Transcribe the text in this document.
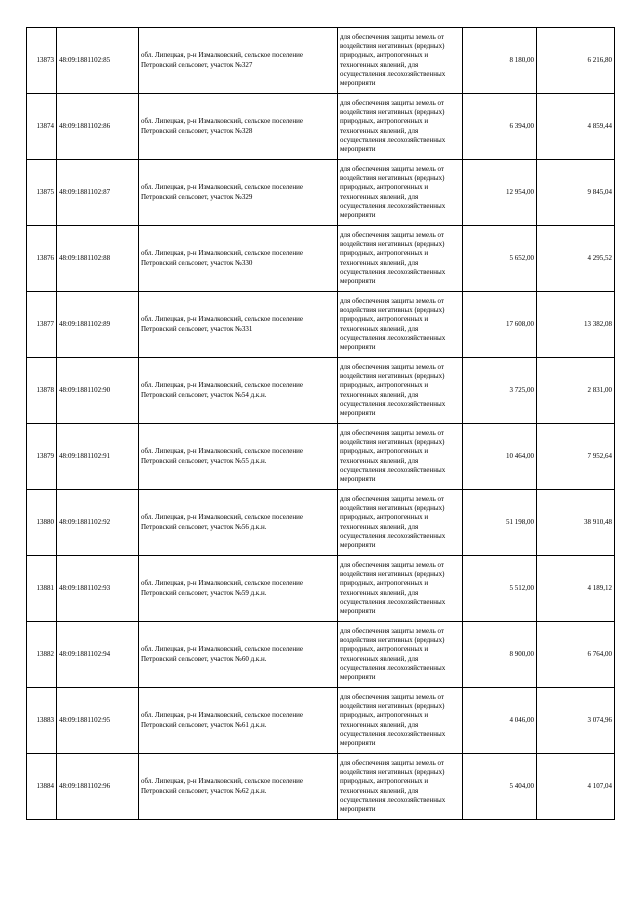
13873	48:09:1881102:85	обл. Липецкая, р-н Измалковский, сельское поселение Петровский сельсовет, участок №327	для обеспечения защиты земель от воздействия негативных (вредных) природных, антропогенных и техногенных явлений, для осуществления лесохозяйственных мероприяти	8 180,00	6 216,80
13874	48:09:1881102:86	обл. Липецкая, р-н Измалковский, сельское поселение Петровский сельсовет, участок №328	для обеспечения защиты земель от воздействия негативных (вредных) природных, антропогенных и техногенных явлений, для осуществления лесохозяйственных мероприяти	6 394,00	4 859,44
13875	48:09:1881102:87	обл. Липецкая, р-н Измалковский, сельское поселение Петровский сельсовет, участок №329	для обеспечения защиты земель от воздействия негативных (вредных) природных, антропогенных и техногенных явлений, для осуществления лесохозяйственных мероприяти	12 954,00	9 845,04
13876	48:09:1881102:88	обл. Липецкая, р-н Измалковский, сельское поселение Петровский сельсовет, участок №330	для обеспечения защиты земель от воздействия негативных (вредных) природных, антропогенных и техногенных явлений, для осуществления лесохозяйственных мероприяти	5 652,00	4 295,52
13877	48:09:1881102:89	обл. Липецкая, р-н Измалковский, сельское поселение Петровский сельсовет, участок №331	для обеспечения защиты земель от воздействия негативных (вредных) природных, антропогенных и техногенных явлений, для осуществления лесохозяйственных мероприяти	17 608,00	13 382,08
13878	48:09:1881102:90	обл. Липецкая, р-н Измалковский, сельское поселение Петровский сельсовет, участок №54 д.к.н.	для обеспечения защиты земель от воздействия негативных (вредных) природных, антропогенных и техногенных явлений, для осуществления лесохозяйственных мероприяти	3 725,00	2 831,00
13879	48:09:1881102:91	обл. Липецкая, р-н Измалковский, сельское поселение Петровский сельсовет, участок №55 д.к.н.	для обеспечения защиты земель от воздействия негативных (вредных) природных, антропогенных и техногенных явлений, для осуществления лесохозяйственных мероприяти	10 464,00	7 952,64
13880	48:09:1881102:92	обл. Липецкая, р-н Измалковский, сельское поселение Петровский сельсовет, участок №56 д.к.н.	для обеспечения защиты земель от воздействия негативных (вредных) природных, антропогенных и техногенных явлений, для осуществления лесохозяйственных мероприяти	51 198,00	38 910,48
13881	48:09:1881102:93	обл. Липецкая, р-н Измалковский, сельское поселение Петровский сельсовет, участок №59 д.к.н.	для обеспечения защиты земель от воздействия негативных (вредных) природных, антропогенных и техногенных явлений, для осуществления лесохозяйственных мероприяти	5 512,00	4 189,12
13882	48:09:1881102:94	обл. Липецкая, р-н Измалковский, сельское поселение Петровский сельсовет, участок №60 д.к.н.	для обеспечения защиты земель от воздействия негативных (вредных) природных, антропогенных и техногенных явлений, для осуществления лесохозяйственных мероприяти	8 900,00	6 764,00
13883	48:09:1881102:95	обл. Липецкая, р-н Измалковский, сельское поселение Петровский сельсовет, участок №61 д.к.н.	для обеспечения защиты земель от воздействия негативных (вредных) природных, антропогенных и техногенных явлений, для осуществления лесохозяйственных мероприяти	4 046,00	3 074,96
13884	48:09:1881102:96	обл. Липецкая, р-н Измалковский, сельское поселение Петровский сельсовет, участок №62 д.к.н.	для обеспечения защиты земель от воздействия негативных (вредных) природных, антропогенных и техногенных явлений, для осуществления лесохозяйственных мероприяти	5 404,00	4 107,04
